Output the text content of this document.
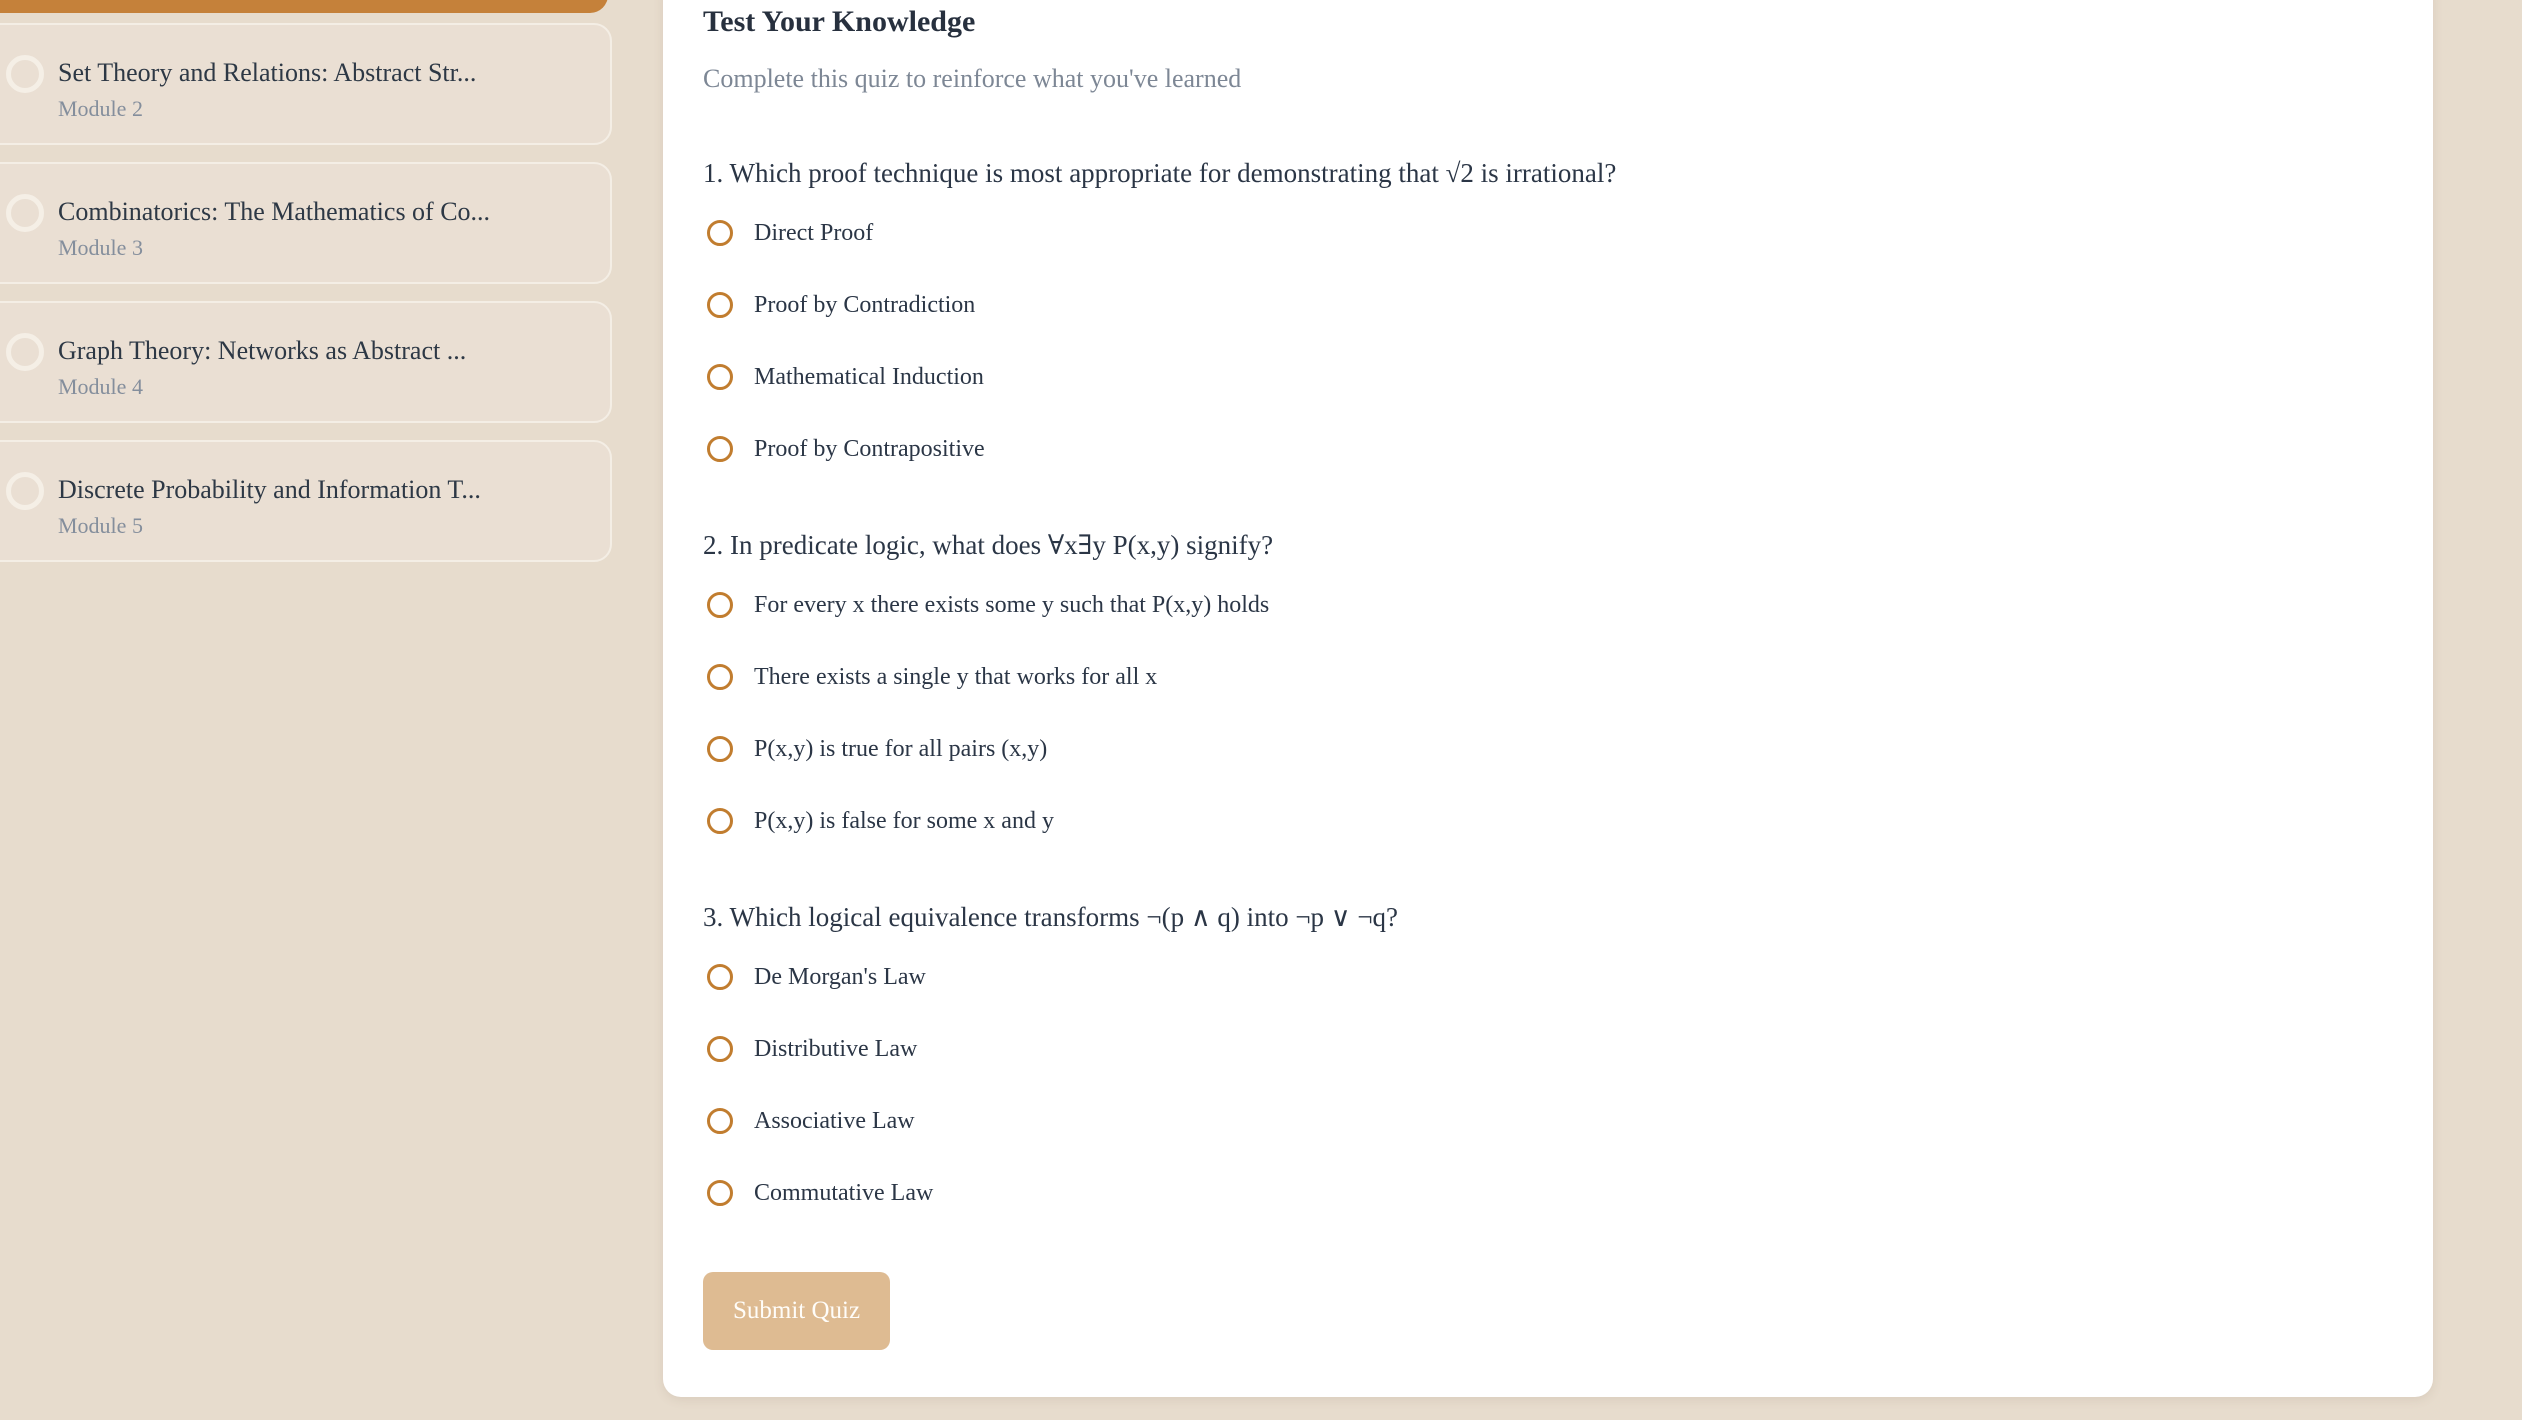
Set Theory and Relations: Abstract Str...
Module 2
Combinatorics: The Mathematics of Co...
Module 3
Graph Theory: Networks as Abstract ...
Module 4
Discrete Probability and Information T...
Module 5
Test Your Knowledge

Complete this quiz to reinforce what you've learned

1. Which proof technique is most appropriate for demonstrating that √2 is irrational?
Direct Proof
Proof by Contradiction
Mathematical Induction
Proof by Contrapositive
2. In predicate logic, what does ∀x∃y P(x,y) signify?
For every x there exists some y such that P(x,y) holds
There exists a single y that works for all x
P(x,y) is true for all pairs (x,y)
P(x,y) is false for some x and y
3. Which logical equivalence transforms ¬(p ∧ q) into ¬p ∨ ¬q?
De Morgan's Law
Distributive Law
Associative Law
Commutative Law
Submit Quiz
